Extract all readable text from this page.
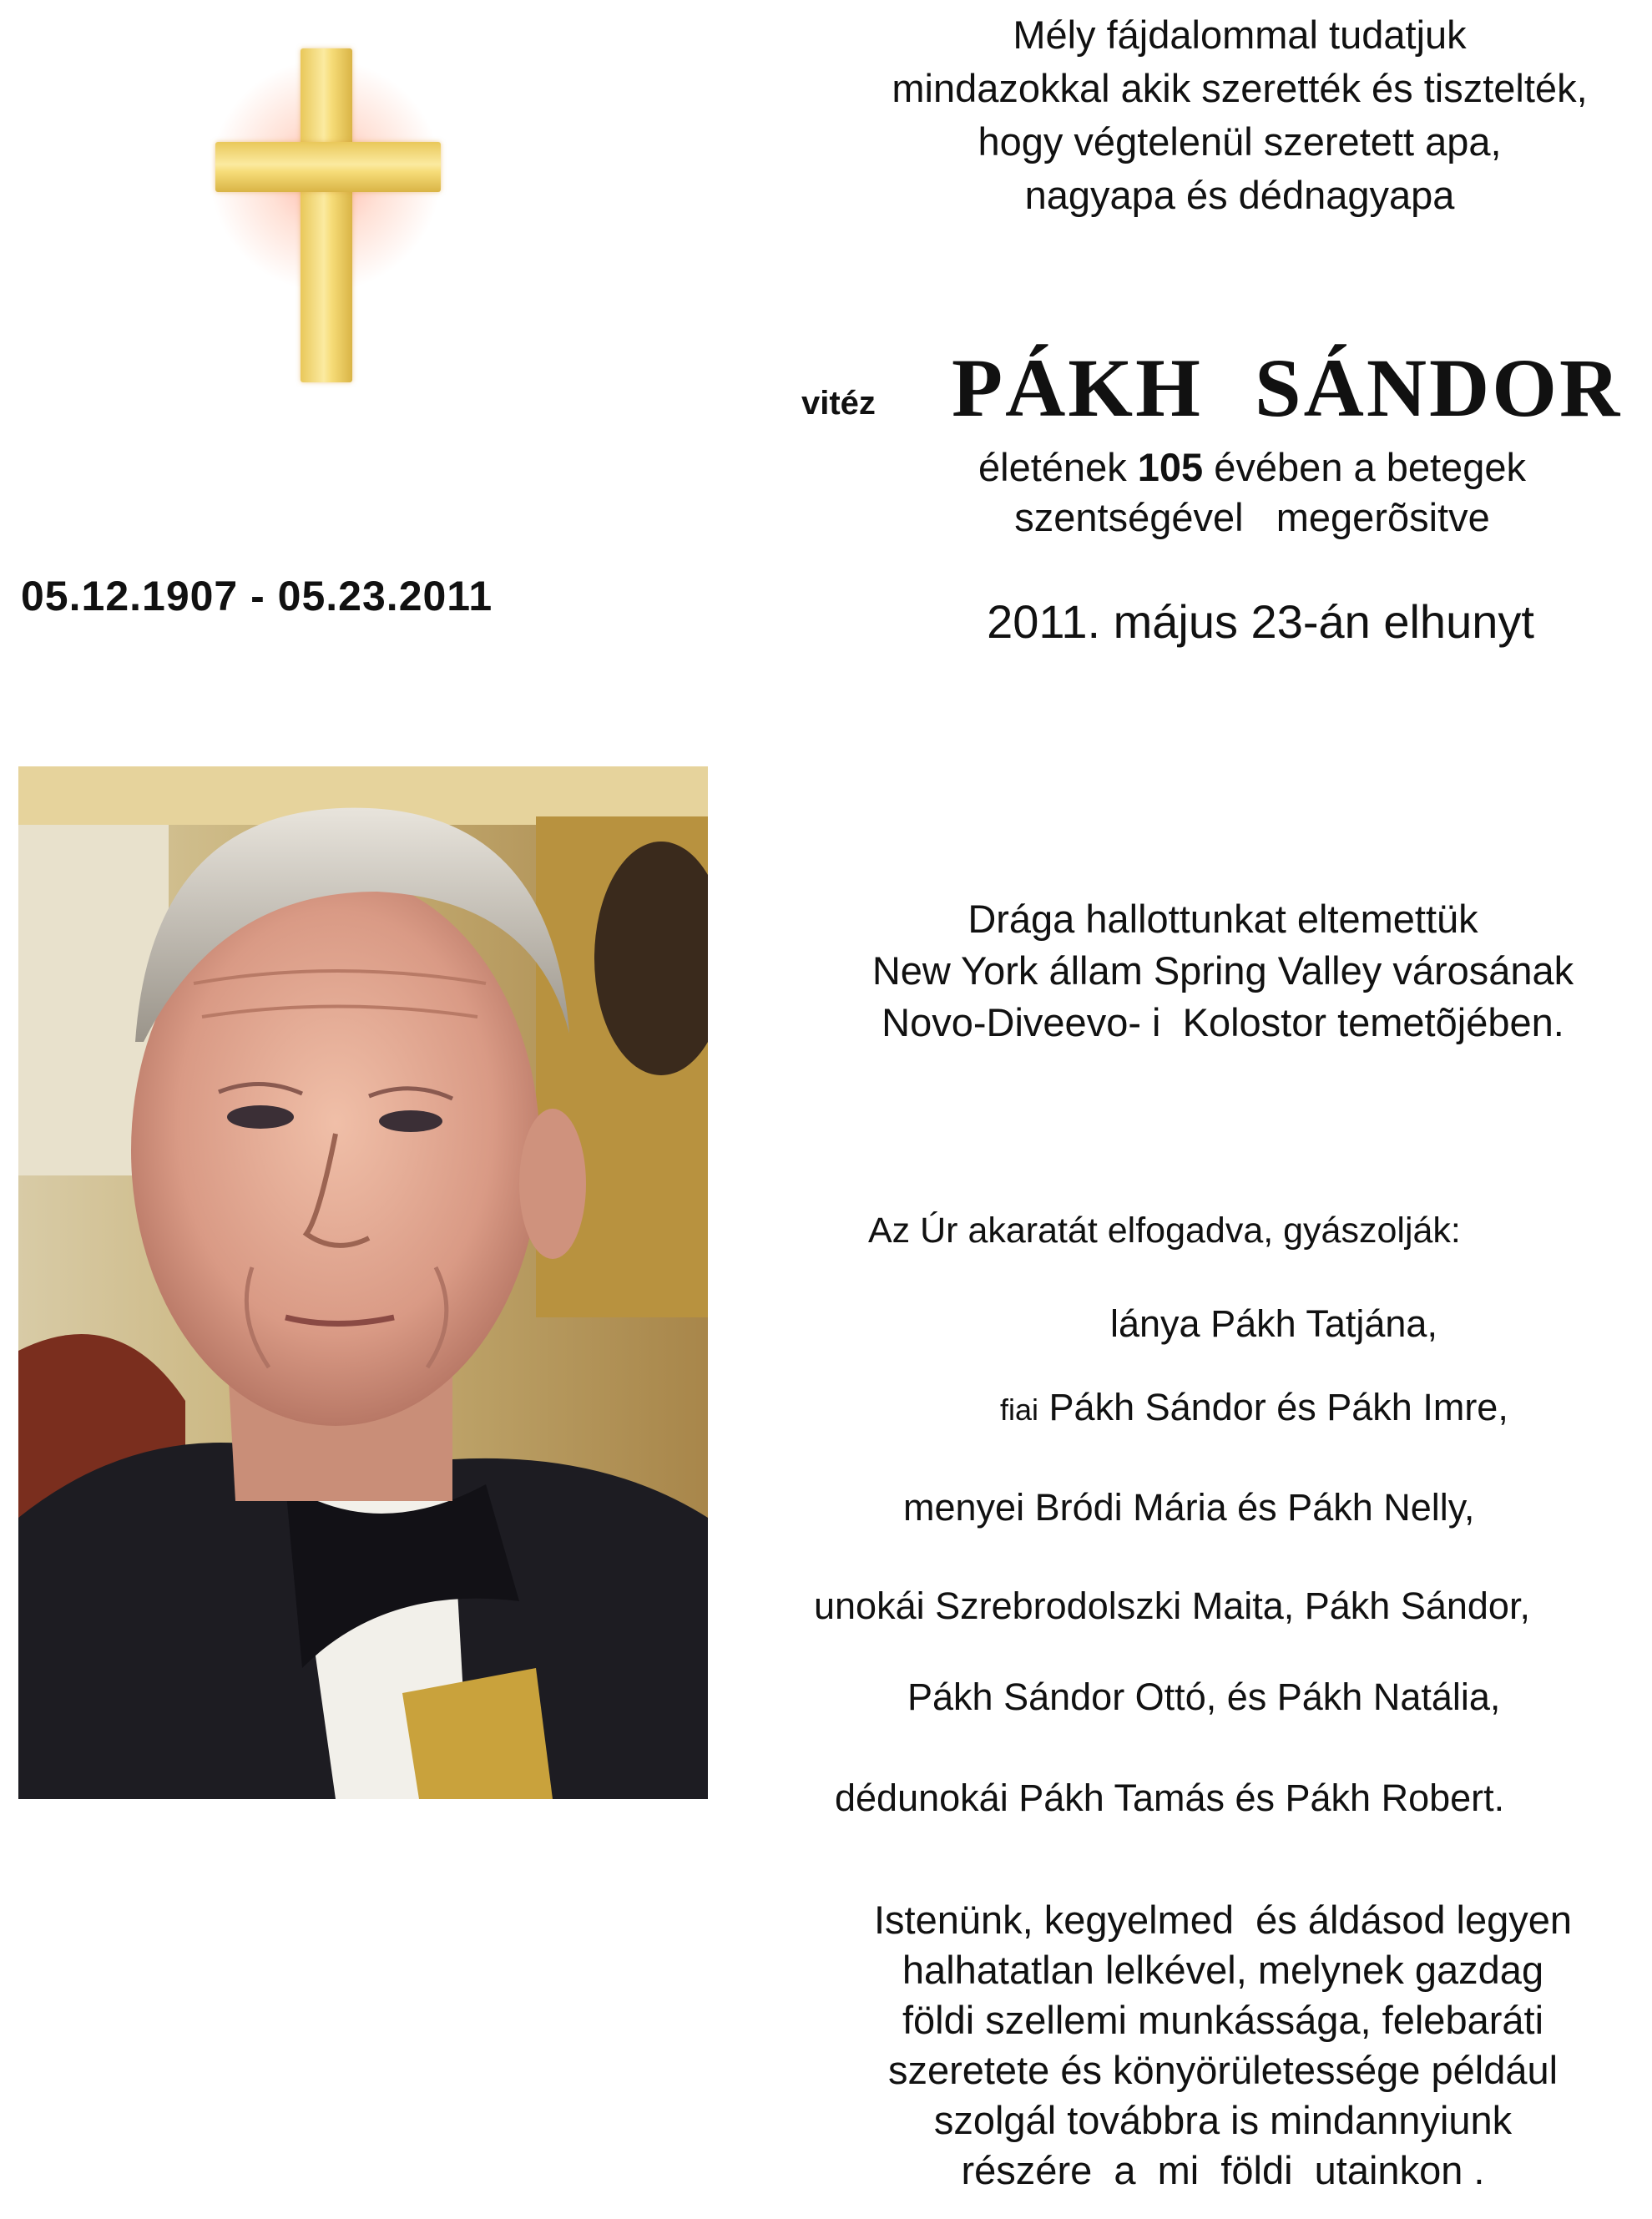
Mély fájdalommal tudatjuk
mindazokkal akik szerették és tisztelték,
hogy végtelenül szeretett apa,
nagyapa és dédnagyapa
vitéz PÁKH SÁNDOR
életének 105 évében a betegek
szentségével   megerõsitve
2011. május 23-án elhunyt
05.12.1907 - 05.23.2011
Drága hallottunkat eltemettük
New York állam Spring Valley városának
Novo-Diveevo- i  Kolostor temetõjében.
Az Úr akaratát elfogadva, gyászolják:
lánya Pákh Tatjána,
fiai Pákh Sándor és Pákh Imre,
menyei Bródi Mária és Pákh Nelly,
unokái Szrebrodolszki Maita, Pákh Sándor,
Pákh Sándor Ottó, és Pákh Natália,
dédunokái Pákh Tamás és Pákh Robert.
Istenünk, kegyelmed  és áldásod legyen
halhatatlan lelkével, melynek gazdag
földi szellemi munkássága, felebaráti
szeretete és könyörületessége például
szolgál továbbra is mindannyiunk
részére  a  mi  földi  utainkon .
